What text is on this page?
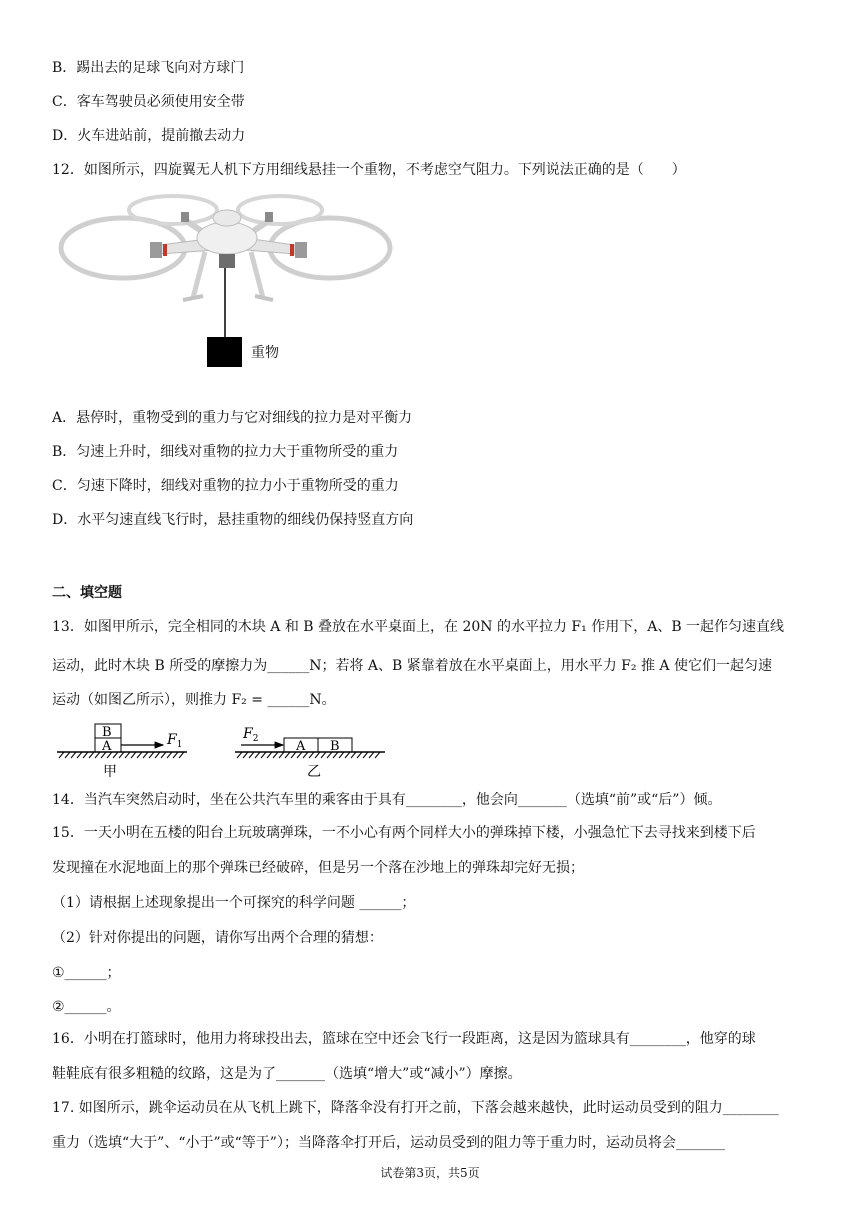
B．踢出去的足球飞向对方球门
C．客车驾驶员必须使用安全带
D．火车进站前，提前撤去动力
12．如图所示，四旋翼无人机下方用细线悬挂一个重物，不考虑空气阻力。下列说法正确的是（　　）
重物
A．悬停时，重物受到的重力与它对细线的拉力是对平衡力
B．匀速上升时，细线对重物的拉力大于重物所受的重力
C．匀速下降时，细线对重物的拉力小于重物所受的重力
D．水平匀速直线飞行时，悬挂重物的细线仍保持竖直方向
二、填空题
13．如图甲所示，完全相同的木块 A 和 B 叠放在水平桌面上，在 20N 的水平拉力 F₁ 作用下，A、B 一起作匀速直线
运动，此时木块 B 所受的摩擦力为______N；若将 A、B 紧靠着放在水平桌面上，用水平力 F₂ 推 A 使它们一起匀速
运动（如图乙所示），则推力 F₂ = ______N。
B
A	$F_1$
甲
$F_2$	A B
乙
14．当汽车突然启动时，坐在公共汽车里的乘客由于具有________，他会向_______（选填“前”或“后”）倾。
15．一天小明在五楼的阳台上玩玻璃弹珠，一不小心有两个同样大小的弹珠掉下楼，小强急忙下去寻找来到楼下后
发现撞在水泥地面上的那个弹珠已经破碎，但是另一个落在沙地上的弹珠却完好无损；
（1）请根据上述现象提出一个可探究的科学问题 ______；
（2）针对你提出的问题，请你写出两个合理的猜想：
①______；
②______。
16．小明在打篮球时，他用力将球投出去，篮球在空中还会飞行一段距离，这是因为篮球具有________，他穿的球
鞋鞋底有很多粗糙的纹路，这是为了_______（选填“增大”或“减小”）摩擦。
17. 如图所示，跳伞运动员在从飞机上跳下，降落伞没有打开之前，下落会越来越快，此时运动员受到的阻力________
重力（选填“大于”、“小于”或“等于”）；当降落伞打开后，运动员受到的阻力等于重力时，运动员将会_______
试卷第3页，共5页
